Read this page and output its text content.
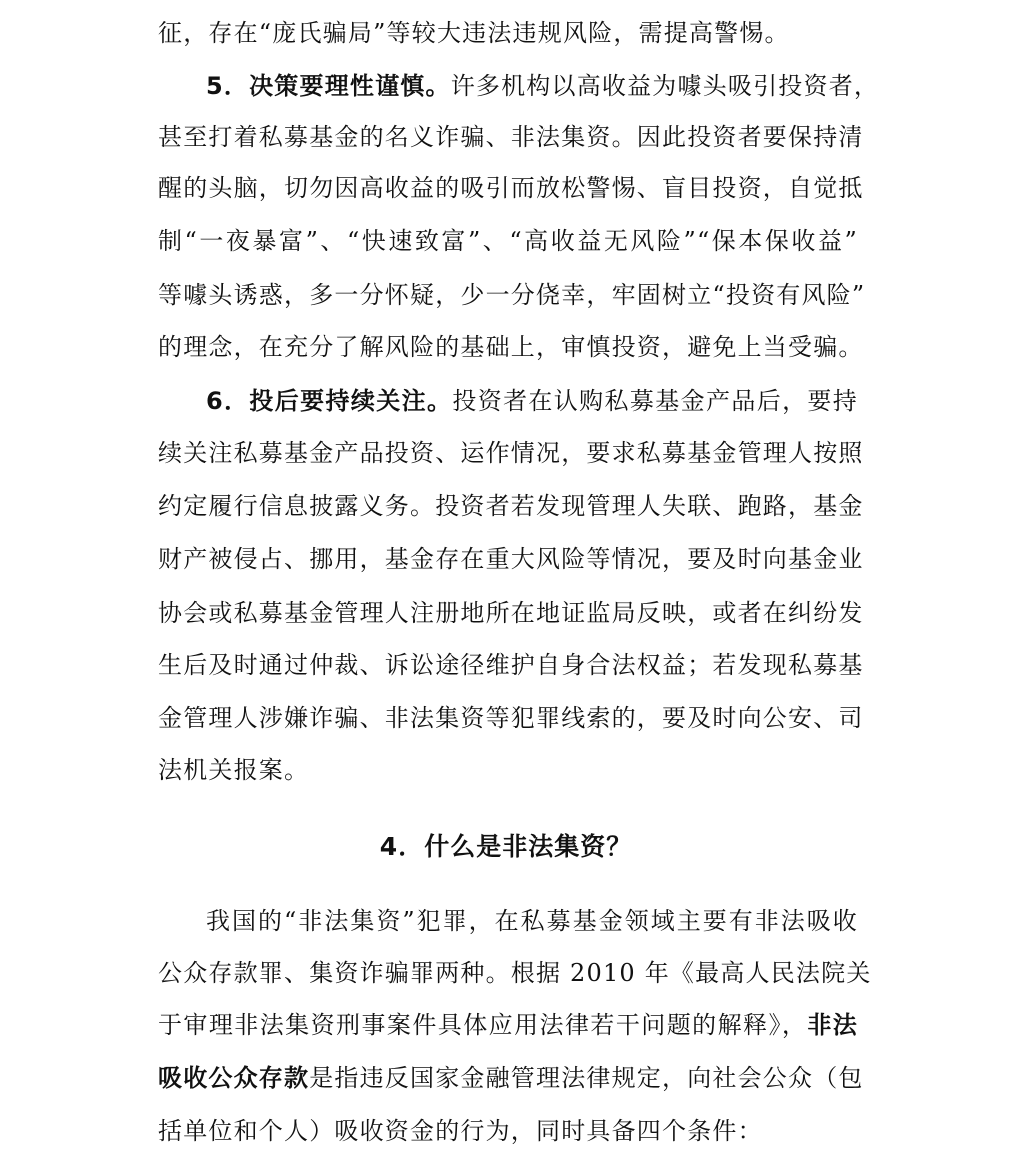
征，存在“庞氏骗局”等较大违法违规风险，需提高警惕。
5．决策要理性谨慎。许多机构以高收益为噱头吸引投资者，
甚至打着私募基金的名义诈骗、非法集资。因此投资者要保持清
醒的头脑，切勿因高收益的吸引而放松警惕、盲目投资，自觉抵
制“一夜暴富”、“快速致富”、“高收益无风险”“保本保收益”
等噱头诱惑，多一分怀疑，少一分侥幸，牢固树立“投资有风险”
的理念，在充分了解风险的基础上，审慎投资，避免上当受骗。
6．投后要持续关注。投资者在认购私募基金产品后，要持
续关注私募基金产品投资、运作情况，要求私募基金管理人按照
约定履行信息披露义务。投资者若发现管理人失联、跑路，基金
财产被侵占、挪用，基金存在重大风险等情况，要及时向基金业
协会或私募基金管理人注册地所在地证监局反映，或者在纠纷发
生后及时通过仲裁、诉讼途径维护自身合法权益；若发现私募基
金管理人涉嫌诈骗、非法集资等犯罪线索的，要及时向公安、司
法机关报案。
4．什么是非法集资？
我国的“非法集资”犯罪，在私募基金领域主要有非法吸收
公众存款罪、集资诈骗罪两种。根据 2010 年《最高人民法院关
于审理非法集资刑事案件具体应用法律若干问题的解释》，非法
吸收公众存款是指违反国家金融管理法律规定，向社会公众（包
括单位和个人）吸收资金的行为，同时具备四个条件：
